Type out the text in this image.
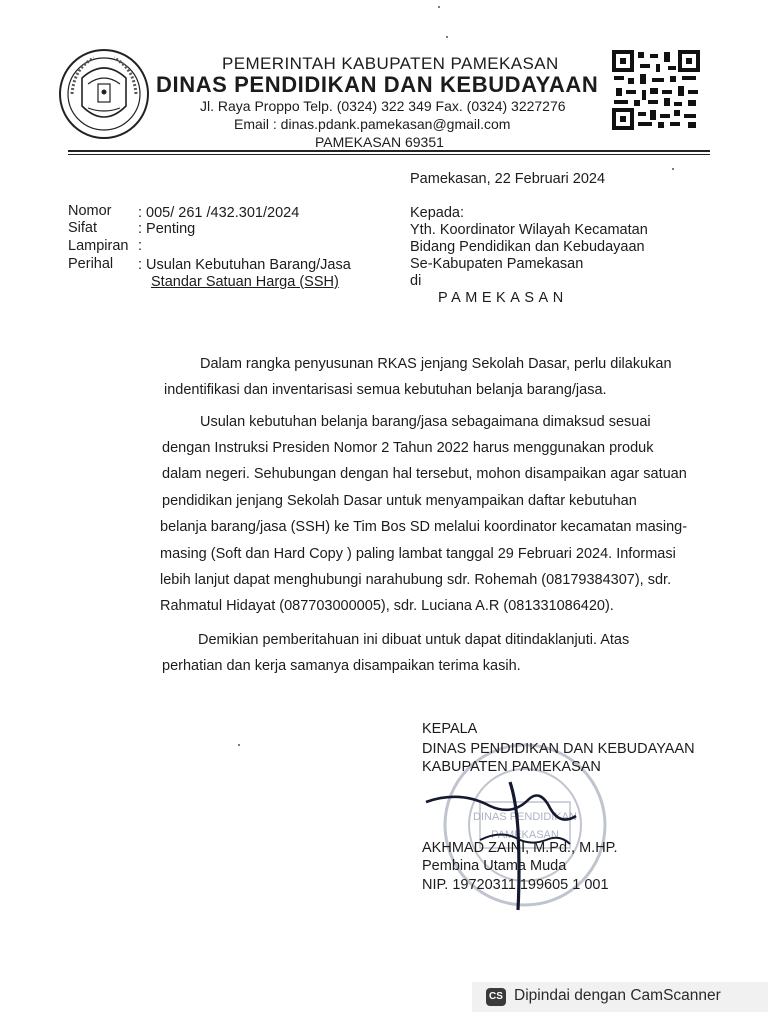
PEMERINTAH KABUPATEN PAMEKASAN
DINAS PENDIDIKAN DAN KEBUDAYAAN
Jl. Raya Proppo Telp. (0324) 322 349 Fax. (0324) 3227276
Email : dinas.pdank.pamekasan@gmail.com
PAMEKASAN 69351
Pamekasan, 22 Februari 2024
Nomor : 005/ 261 /432.301/2024
Sifat	: Penting
Lampiran :
Perihal : Usulan Kebutuhan Barang/Jasa
Standar Satuan Harga (SSH)
Kepada:
Yth. Koordinator Wilayah Kecamatan
Bidang Pendidikan dan Kebudayaan
Se-Kabupaten Pamekasan
di
PAMEKASAN
Dalam rangka penyusunan RKAS jenjang Sekolah Dasar, perlu dilakukan
indentifikasi dan inventarisasi semua kebutuhan belanja barang/jasa.
Usulan kebutuhan belanja barang/jasa sebagaimana dimaksud sesuai
dengan Instruksi Presiden Nomor 2 Tahun 2022 harus menggunakan produk
dalam negeri. Sehubungan dengan hal tersebut, mohon disampaikan agar satuan
pendidikan jenjang Sekolah Dasar untuk menyampaikan daftar kebutuhan
belanja barang/jasa (SSH) ke Tim Bos SD melalui koordinator kecamatan masing-
masing (Soft dan Hard Copy ) paling lambat tanggal 29 Februari 2024. Informasi
lebih lanjut dapat menghubungi narahubung sdr. Rohemah (08179384307), sdr.
Rahmatul Hidayat (087703000005), sdr. Luciana A.R (081331086420).
Demikian pemberitahuan ini dibuat untuk dapat ditindaklanjuti. Atas
perhatian dan kerja samanya disampaikan terima kasih.
DINAS PENDIDIKAN
PAMEKASAN
KEPALA
DINAS PENDIDIKAN DAN KEBUDAYAAN
KABUPATEN PAMEKASAN
AKHMAD ZAINI, M.Pd., M.HP.
Pembina Utama Muda
NIP. 19720311 199605 1 001
CS Dipindai dengan CamScanner
